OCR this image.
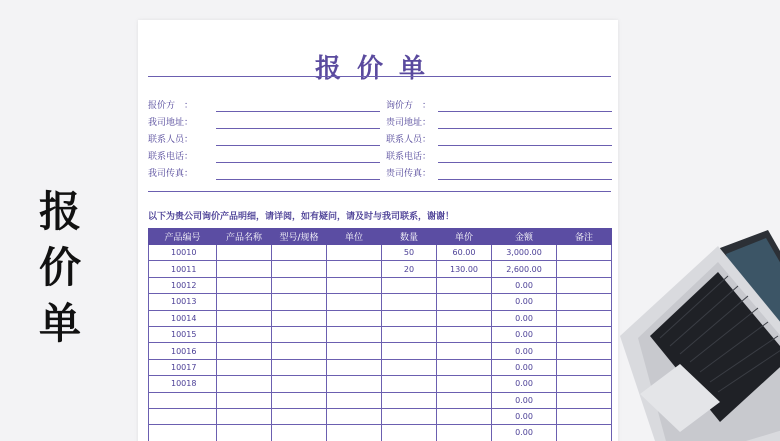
报
价
单
报价单
报价方　：	询价方　：
我司地址：	贵司地址：
联系人员：	联系人员：
联系电话：	联系电话：
我司传真：	贵司传真：
以下为贵公司询价产品明细，请详阅，如有疑问，请及时与我司联系，谢谢！
产品编号	产品名称	型号/规格	单位	数量	单价	金额	备注
10010				50	60.00	3,000.00	
10011				20	130.00	2,600.00	
10012						0.00	
10013						0.00	
10014						0.00	
10015						0.00	
10016						0.00	
10017						0.00	
10018						0.00	
						0.00	
						0.00	
						0.00	
